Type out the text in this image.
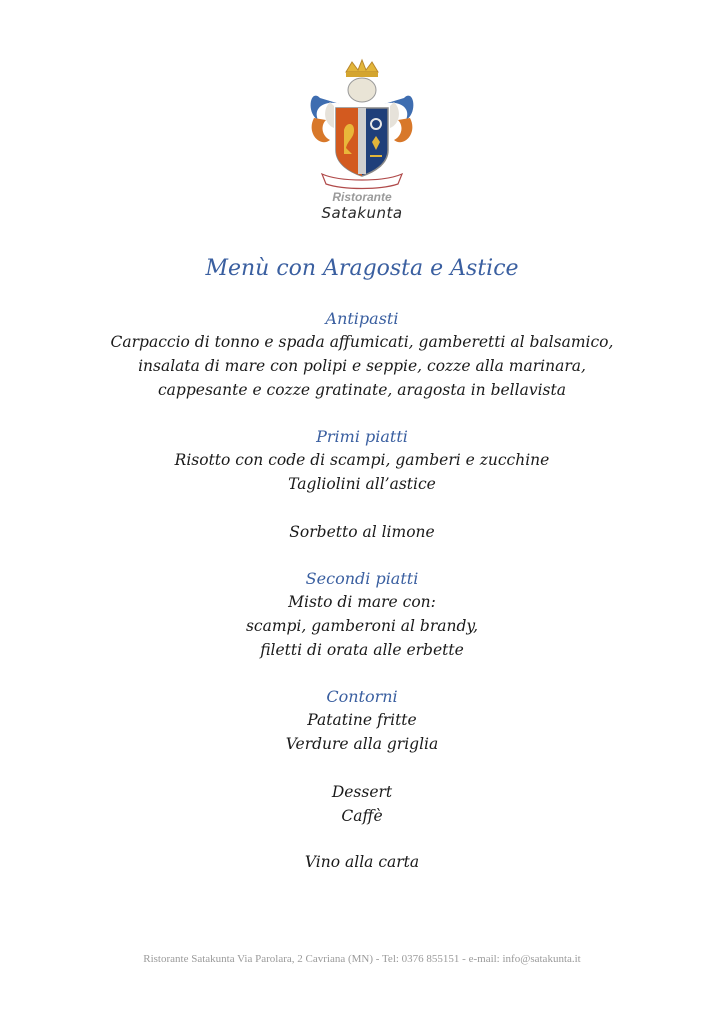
Ristorante
Satakunta
Menù con Aragosta e Astice
Antipasti
Carpaccio di tonno e spada affumicati, gamberetti al balsamico,
insalata di mare con polipi e seppie, cozze alla marinara,
cappesante e cozze gratinate, aragosta in bellavista
Primi piatti
Risotto con code di scampi, gamberi e zucchine
Tagliolini all’astice
Sorbetto al limone
Secondi piatti
Misto di mare con:
scampi, gamberoni al brandy,
filetti di orata alle erbette
Contorni
Patatine fritte
Verdure alla griglia
Dessert
Caffè
Vino alla carta
Ristorante Satakunta Via Parolara, 2 Cavriana (MN) - Tel: 0376 855151 - e-mail: info@satakunta.it
